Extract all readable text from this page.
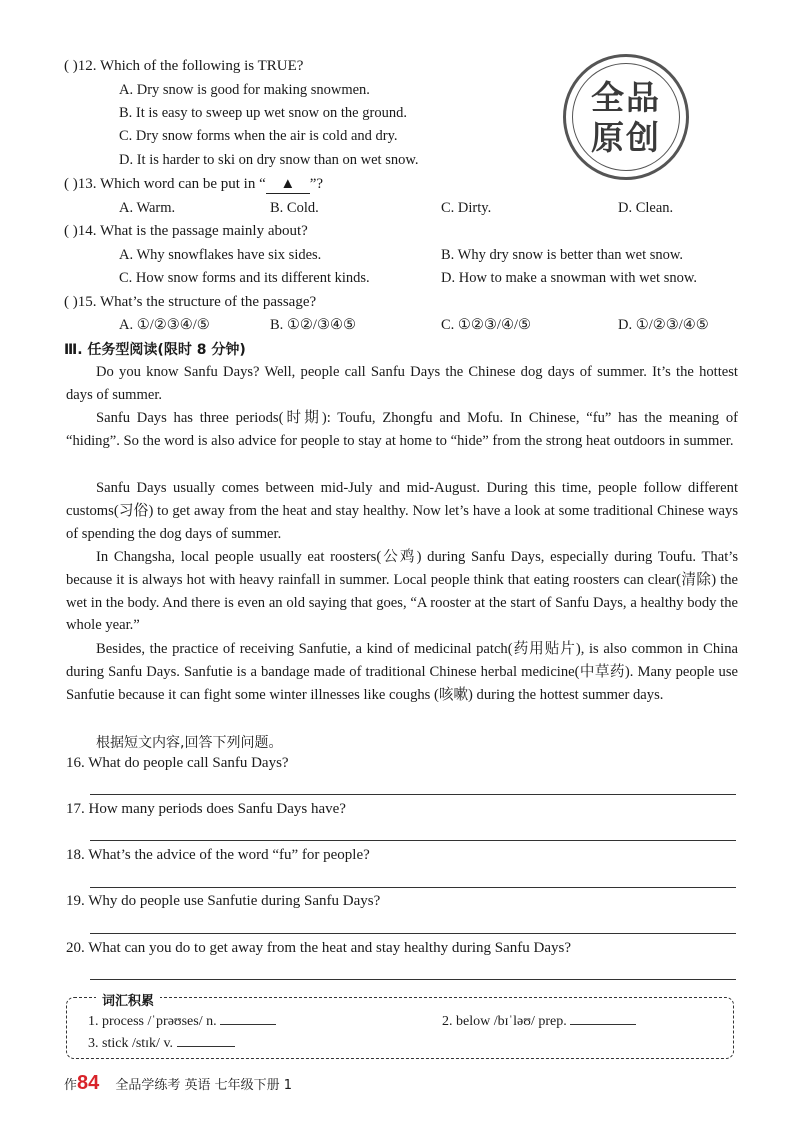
( )12. Which of the following is TRUE?
A. Dry snow is good for making snowmen.
B. It is easy to sweep up wet snow on the ground.
C. Dry snow forms when the air is cold and dry.
D. It is harder to ski on dry snow than on wet snow.
全品
原创
( )13. Which word can be put in “ ▲ ”?
A. Warm.	B. Cold.	C. Dirty.	D. Clean.
( )14. What is the passage mainly about?
A. Why snowflakes have six sides.	B. Why dry snow is better than wet snow.
C. How snow forms and its different kinds.	D. How to make a snowman with wet snow.
( )15. What’s the structure of the passage?
A. ①/②③④/⑤	B. ①②/③④⑤	C. ①②③/④/⑤	D. ①/②③/④⑤
Ⅲ. 任务型阅读(限时 8 分钟)
Do you know Sanfu Days? Well, people call Sanfu Days the Chinese dog days of summer. It’s the hottest days of summer.
Sanfu Days has three periods(时期): Toufu, Zhongfu and Mofu. In Chinese, “fu” has the meaning of “hiding”. So the word is also advice for people to stay at home to “hide” from the strong heat outdoors in summer.
Sanfu Days usually comes between mid-July and mid-August. During this time, people follow different customs(习俗) to get away from the heat and stay healthy. Now let’s have a look at some traditional Chinese ways of spending the dog days of summer.
In Changsha, local people usually eat roosters(公鸡) during Sanfu Days, especially during Toufu. That’s because it is always hot with heavy rainfall in summer. Local people think that eating roosters can clear(清除) the wet in the body. And there is even an old saying that goes, “A rooster at the start of Sanfu Days, a healthy body the whole year.”
Besides, the practice of receiving Sanfutie, a kind of medicinal patch(药用贴片), is also common in China during Sanfu Days. Sanfutie is a bandage made of traditional Chinese herbal medicine(中草药). Many people use Sanfutie because it can fight some winter illnesses like coughs (咳嗽) during the hottest summer days.
根据短文内容,回答下列问题。
16. What do people call Sanfu Days?
17. How many periods does Sanfu Days have?
18. What’s the advice of the word “fu” for people?
19. Why do people use Sanfutie during Sanfu Days?
20. What can you do to get away from the heat and stay healthy during Sanfu Days?
词汇积累
1. process /ˈprəʊses/ n.	2. below /bɪˈləʊ/ prep.
3. stick /stɪk/ v.
作84 全品学练考 英语 七年级下册 1
